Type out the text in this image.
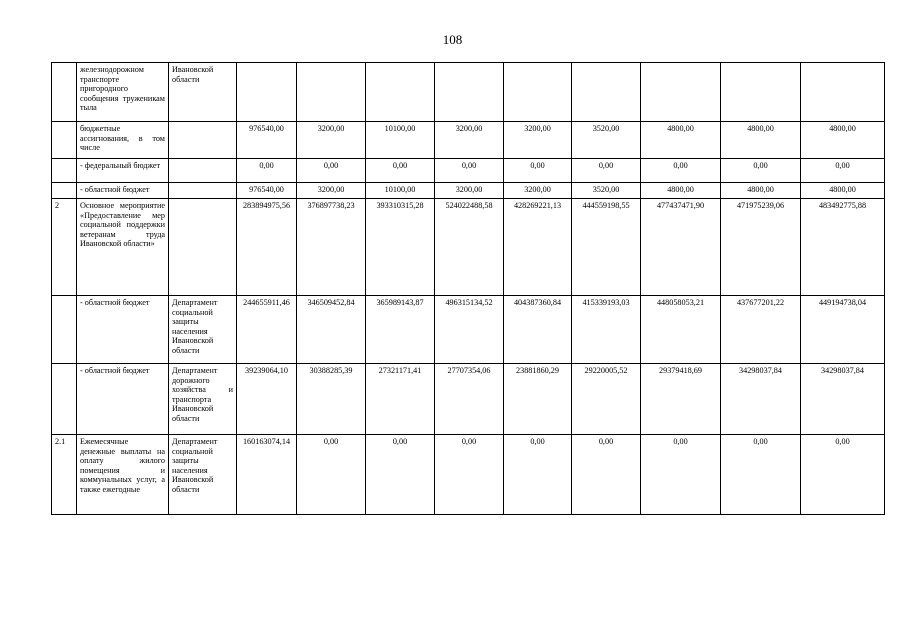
108
	железнодорожном транспорте пригородного сообщения труженикам тыла	Ивановской области									
	бюджетные ассигнования, в том числе		976540,00	3200,00	10100,00	3200,00	3200,00	3520,00	4800,00	4800,00	4800,00
	- федеральный бюджет		0,00	0,00	0,00	0,00	0,00	0,00	0,00	0,00	0,00
	- областной бюджет		976540,00	3200,00	10100,00	3200,00	3200,00	3520,00	4800,00	4800,00	4800,00
2	Основное мероприятие «Предоставление мер социальной поддержки ветеранам труда Ивановской области»		283894975,56	376897738,23	393310315,28	524022488,58	428269221,13	444559198,55	477437471,90	471975239,06	483492775,88
	- областной бюджет	Департамент социальной защиты населения Ивановской области	244655911,46	346509452,84	365989143,87	496315134,52	404387360,84	415339193,03	448058053,21	437677201,22	449194738,04
	- областной бюджет	Департамент дорожного хозяйства и транспорта Ивановской области	39239064,10	30388285,39	27321171,41	27707354,06	23881860,29	29220005,52	29379418,69	34298037,84	34298037,84
2.1	Ежемесячные денежные выплаты на оплату жилого помещения и коммунальных услуг, а также ежегодные	Департамент социальной защиты населения Ивановской области	160163074,14	0,00	0,00	0,00	0,00	0,00	0,00	0,00	0,00
